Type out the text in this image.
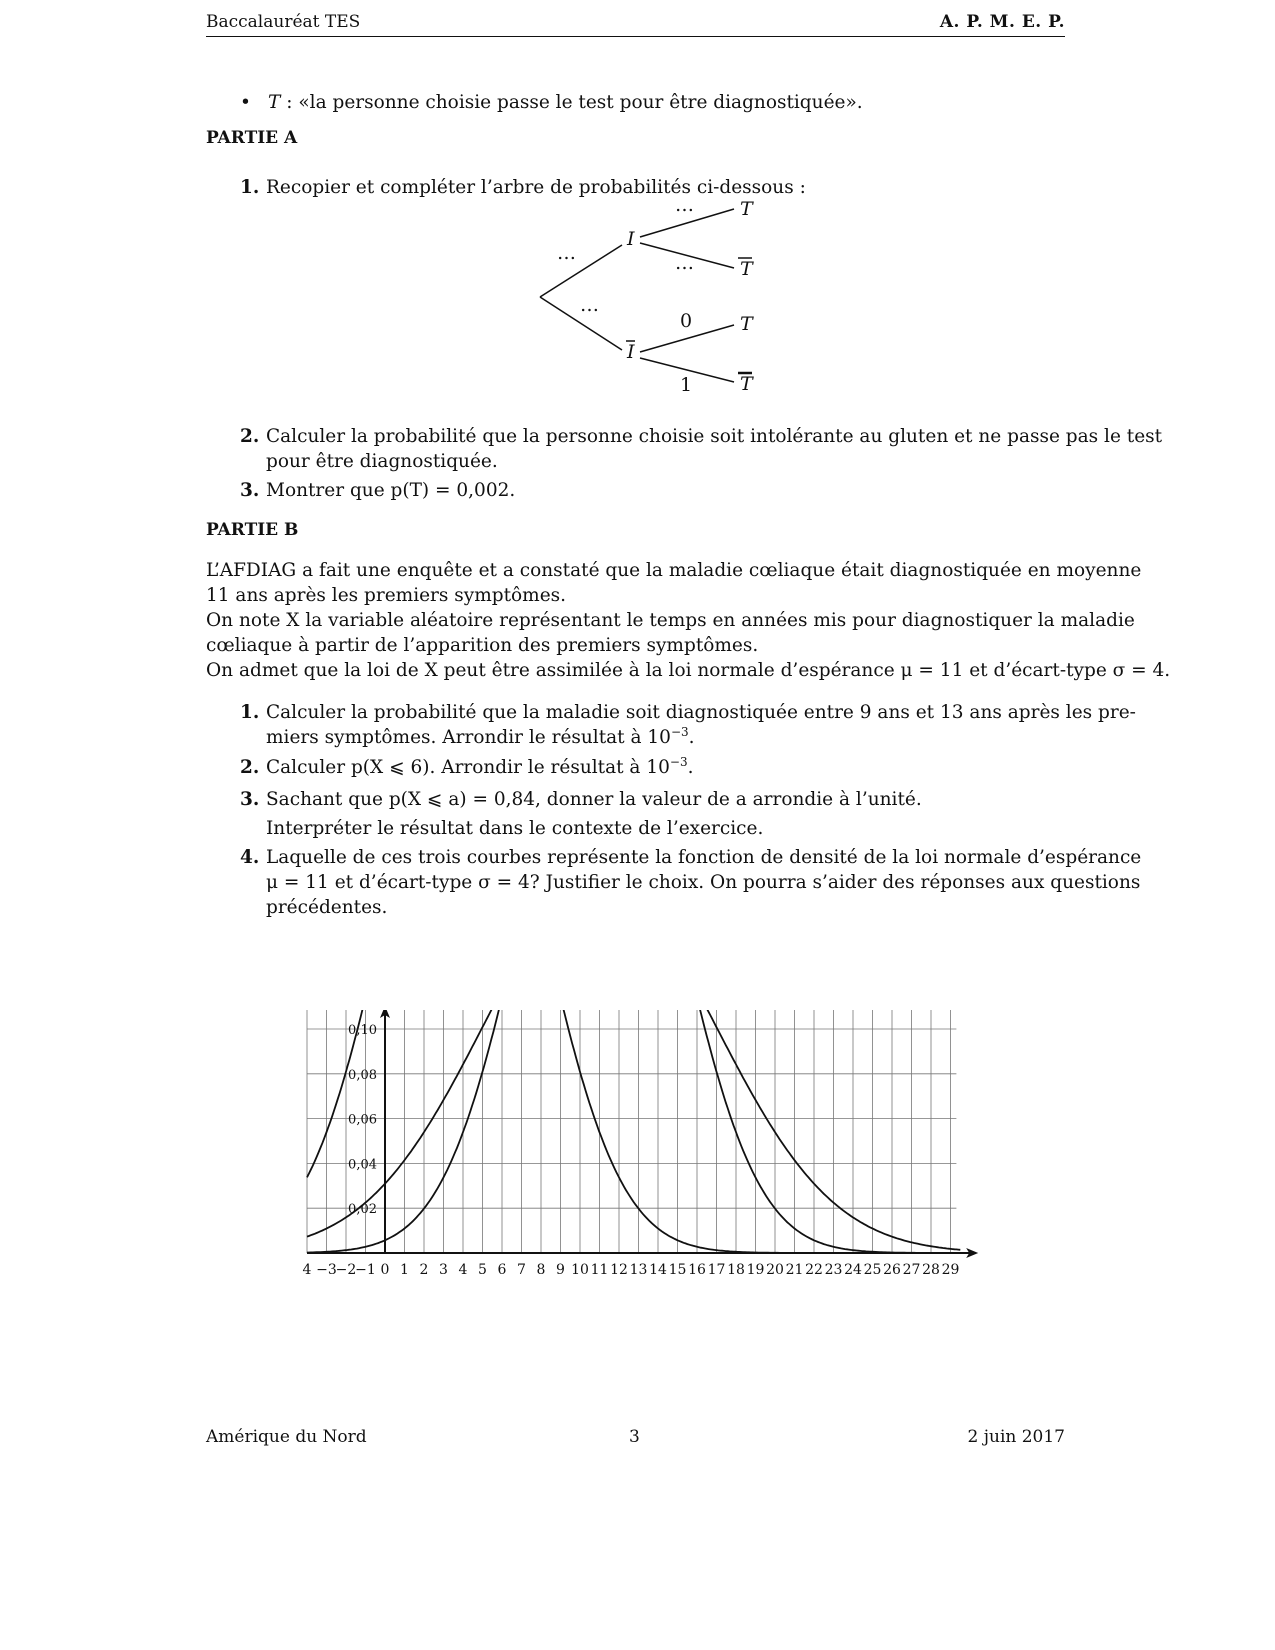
Baccalauréat TES	A. P. M. E. P.
• T : «la personne choisie passe le test pour être diagnostiquée».
PARTIE A
1. Recopier et compléter l’arbre de probabilités ci-dessous :
I
I
T
T
T
T
…
…
…
…
0
1
2. Calculer la probabilité que la personne choisie soit intolérante au gluten et ne passe pas le test
pour être diagnostiquée.
3. Montrer que p(T) = 0,002.
PARTIE B
L’AFDIAG a fait une enquête et a constaté que la maladie cœliaque était diagnostiquée en moyenne
11 ans après les premiers symptômes.
On note X la variable aléatoire représentant le temps en années mis pour diagnostiquer la maladie
cœliaque à partir de l’apparition des premiers symptômes.
On admet que la loi de X peut être assimilée à la loi normale d’espérance μ = 11 et d’écart-type σ = 4.
1. Calculer la probabilité que la maladie soit diagnostiquée entre 9 ans et 13 ans après les pre-
miers symptômes. Arrondir le résultat à $10^{-3}$.
2. Calculer p(X ⩽ 6). Arrondir le résultat à $10^{-3}$.
3. Sachant que p(X ⩽ a) = 0,84, donner la valeur de a arrondie à l’unité.
Interpréter le résultat dans le contexte de l’exercice.
4. Laquelle de ces trois courbes représente la fonction de densité de la loi normale d’espérance
μ = 11 et d’écart-type σ = 4? Justifier le choix. On pourra s’aider des réponses aux questions
précédentes.
4 −3
−2
−1 0 1 2 3 4 5 6 7 8 9 10 11 12 13 14 15 16 17 18 19 20 21 22 23 24 25 26 27 28 29
0,02
0,04
0,06
0,08
0,10
Amérique du Nord	3	2 juin 2017
